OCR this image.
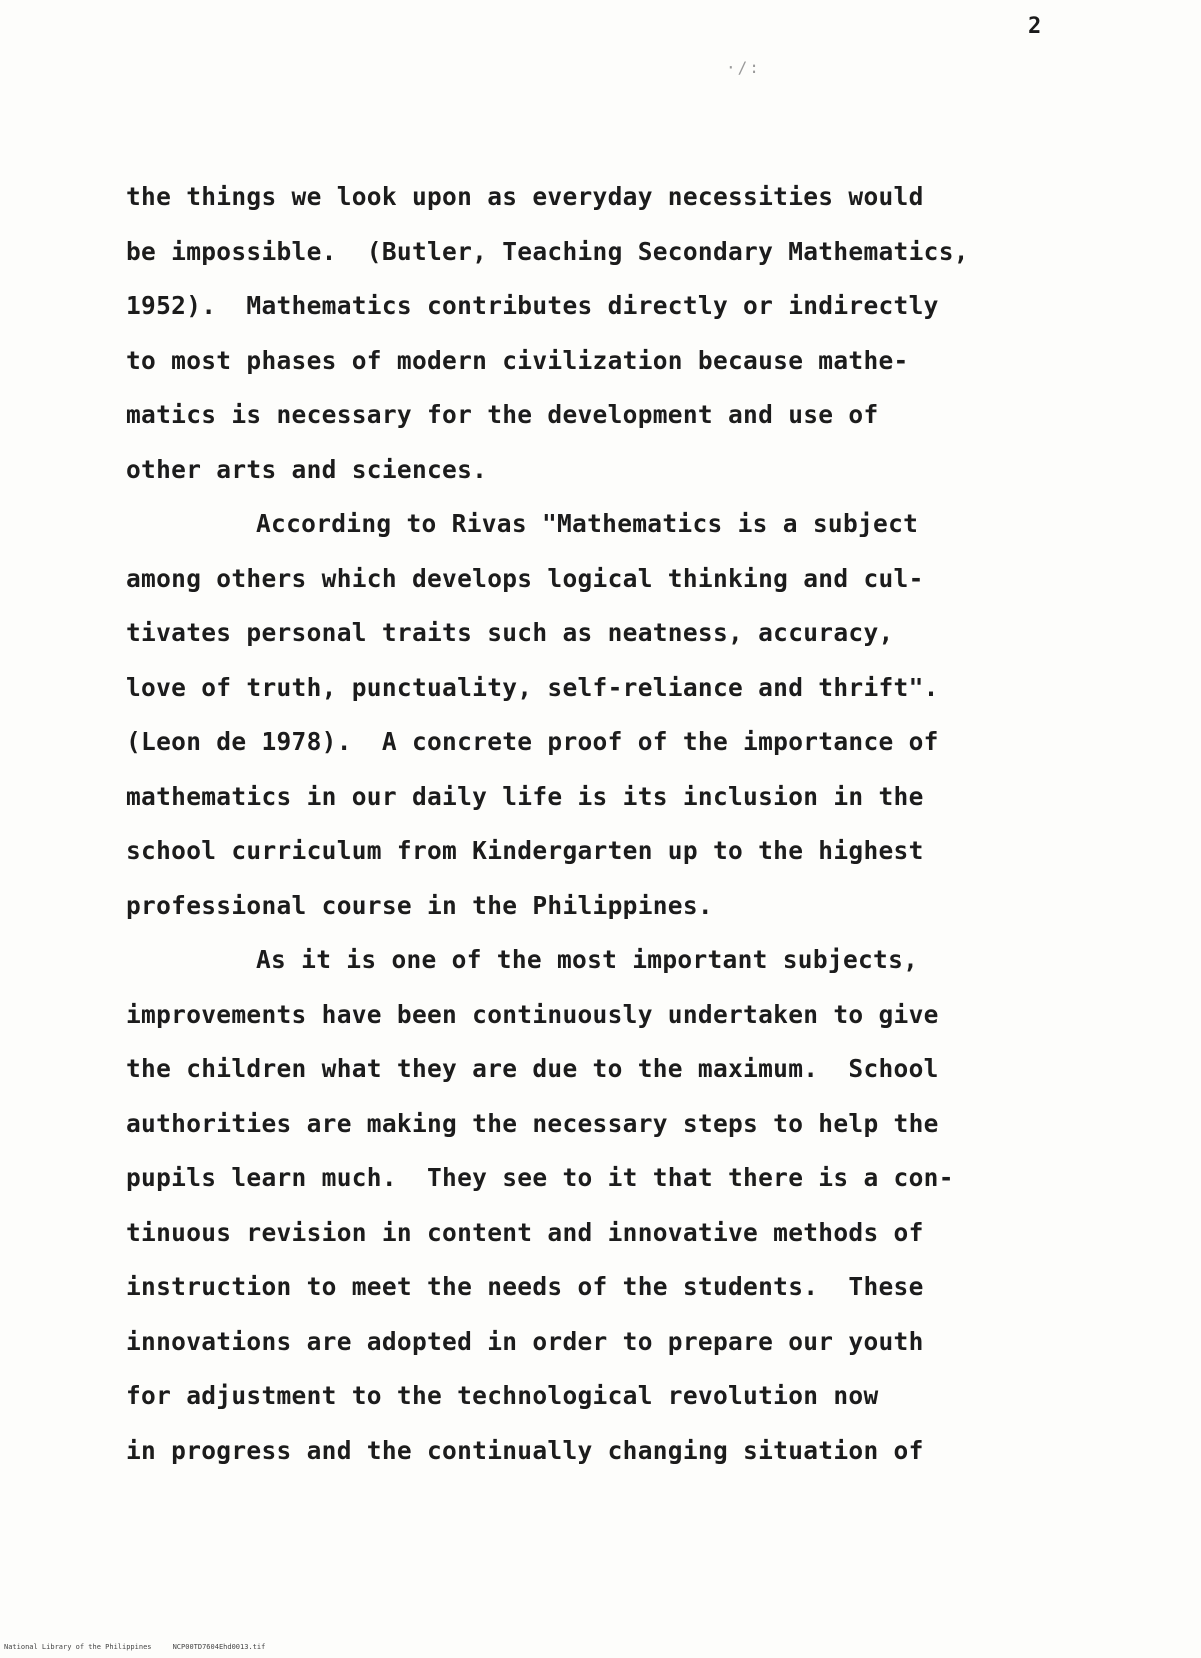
2
·/:
the things we look upon as everyday necessities would
be impossible.  (Butler, Teaching Secondary Mathematics,
1952).  Mathematics contributes directly or indirectly
to most phases of modern civilization because mathe-
matics is necessary for the development and use of
other arts and sciences.
According to Rivas "Mathematics is a subject
among others which develops logical thinking and cul-
tivates personal traits such as neatness, accuracy,
love of truth, punctuality, self-reliance and thrift".
(Leon de 1978).  A concrete proof of the importance of
mathematics in our daily life is its inclusion in the
school curriculum from Kindergarten up to the highest
professional course in the Philippines.
As it is one of the most important subjects,
improvements have been continuously undertaken to give
the children what they are due to the maximum.  School
authorities are making the necessary steps to help the
pupils learn much.  They see to it that there is a con-
tinuous revision in content and innovative methods of
instruction to meet the needs of the students.  These
innovations are adopted in order to prepare our youth
for adjustment to the technological revolution now
in progress and the continually changing situation of
National Library of the Philippines	NCP00TD7604Ehd0013.tif
